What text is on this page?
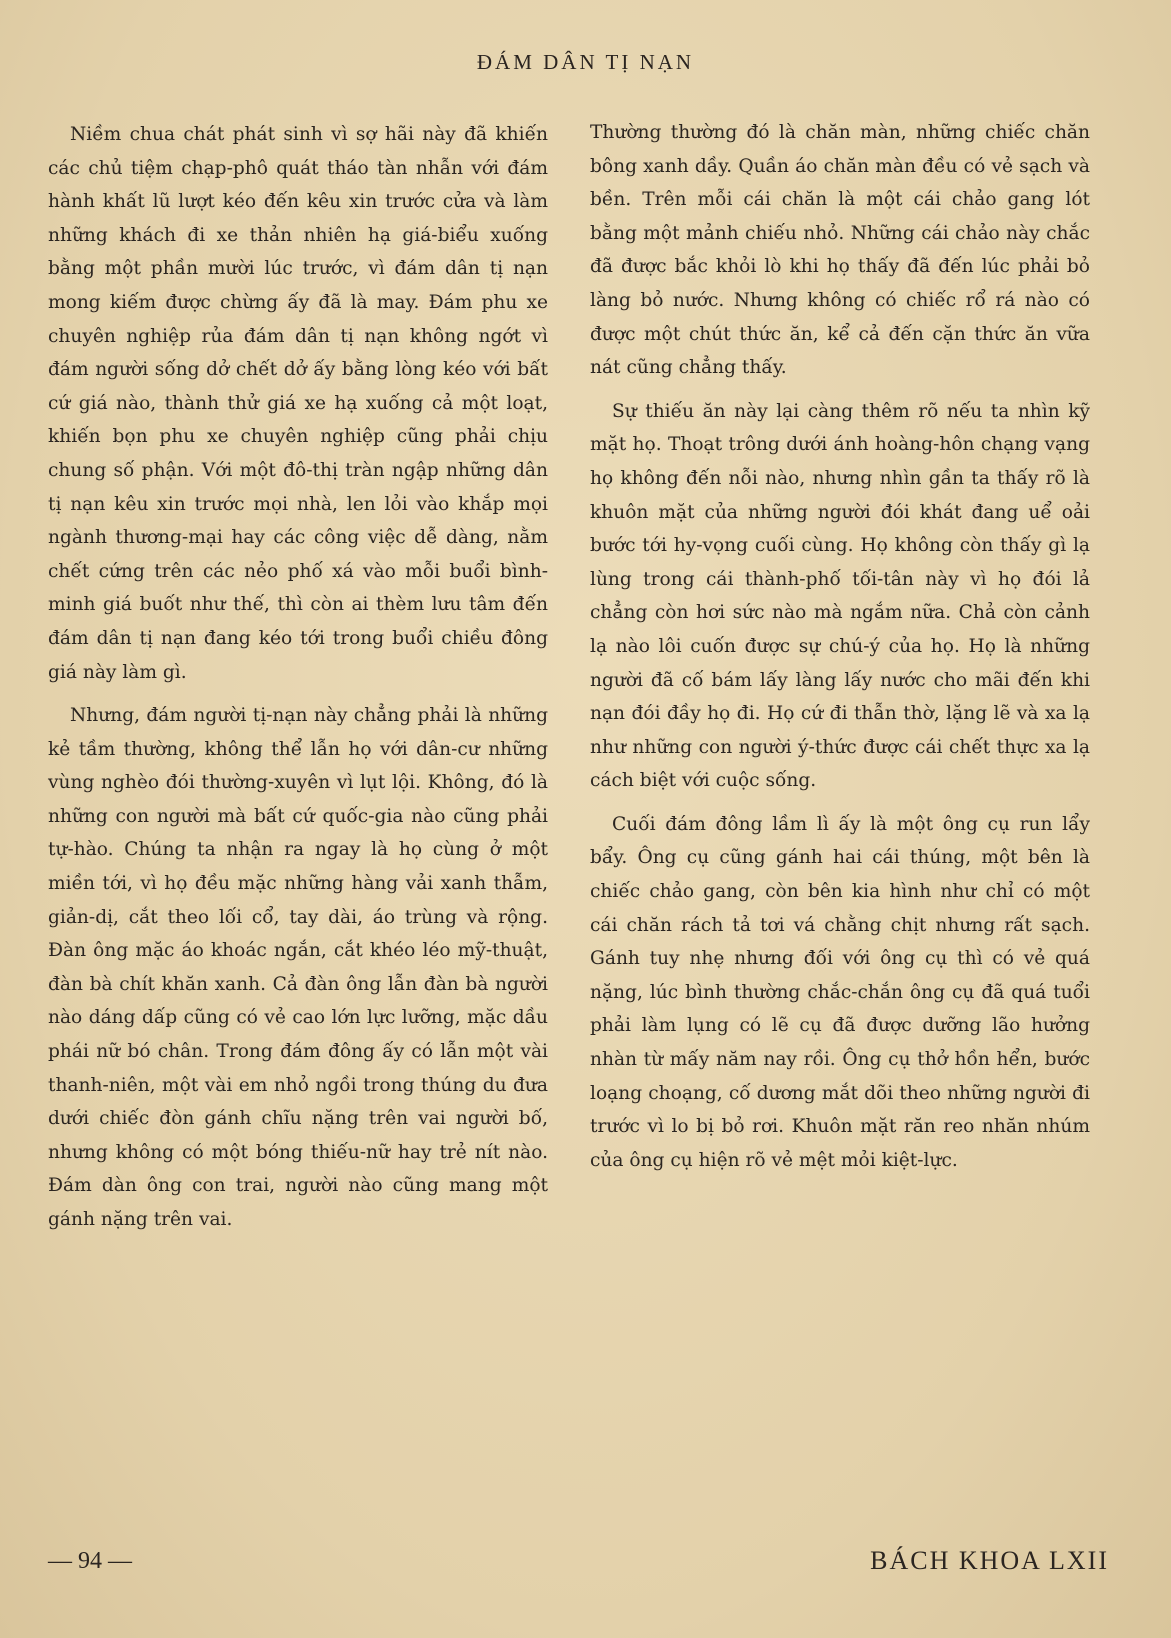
ĐÁM DÂN TỊ NẠN

Niềm chua chát phát sinh vì sợ hãi này đã khiến các chủ tiệm chạp-phô quát tháo tàn nhẫn với đám hành khất lũ lượt kéo đến kêu xin trước cửa và làm những khách đi xe thản nhiên hạ giá-biểu xuống bằng một phần mười lúc trước, vì đám dân tị nạn mong kiếm được chừng ấy đã là may. Đám phu xe chuyên nghiệp rủa đám dân tị nạn không ngớt vì đám người sống dở chết dở ấy bằng lòng kéo với bất cứ giá nào, thành thử giá xe hạ xuống cả một loạt, khiến bọn phu xe chuyên nghiệp cũng phải chịu chung số phận. Với một đô-thị tràn ngập những dân tị nạn kêu xin trước mọi nhà, len lỏi vào khắp mọi ngành thương-mại hay các công việc dễ dàng, nằm chết cứng trên các nẻo phố xá vào mỗi buổi bình-minh giá buốt như thế, thì còn ai thèm lưu tâm đến đám dân tị nạn đang kéo tới trong buổi chiều đông giá này làm gì.

Nhưng, đám người tị-nạn này chẳng phải là những kẻ tầm thường, không thể lẫn họ với dân-cư những vùng nghèo đói thường-xuyên vì lụt lội. Không, đó là những con người mà bất cứ quốc-gia nào cũng phải tự-hào. Chúng ta nhận ra ngay là họ cùng ở một miền tới, vì họ đều mặc những hàng vải xanh thẫm, giản-dị, cắt theo lối cổ, tay dài, áo trùng và rộng. Đàn ông mặc áo khoác ngắn, cắt khéo léo mỹ-thuật, đàn bà chít khăn xanh. Cả đàn ông lẫn đàn bà người nào dáng dấp cũng có vẻ cao lớn lực lưỡng, mặc dầu phái nữ bó chân. Trong đám đông ấy có lẫn một vài thanh-niên, một vài em nhỏ ngồi trong thúng du đưa dưới chiếc đòn gánh chĩu nặng trên vai người bố, nhưng không có một bóng thiếu-nữ hay trẻ nít nào. Đám dàn ông con trai, người nào cũng mang một gánh nặng trên vai.

Thường thường đó là chăn màn, những chiếc chăn bông xanh dầy. Quần áo chăn màn đều có vẻ sạch và bền. Trên mỗi cái chăn là một cái chảo gang lót bằng một mảnh chiếu nhỏ. Những cái chảo này chắc đã được bắc khỏi lò khi họ thấy đã đến lúc phải bỏ làng bỏ nước. Nhưng không có chiếc rổ rá nào có được một chút thức ăn, kể cả đến cặn thức ăn vữa nát cũng chẳng thấy.

Sự thiếu ăn này lại càng thêm rõ nếu ta nhìn kỹ mặt họ. Thoạt trông dưới ánh hoàng-hôn chạng vạng họ không đến nỗi nào, nhưng nhìn gần ta thấy rõ là khuôn mặt của những người đói khát đang uể oải bước tới hy-vọng cuối cùng. Họ không còn thấy gì lạ lùng trong cái thành-phố tối-tân này vì họ đói lả chẳng còn hơi sức nào mà ngắm nữa. Chả còn cảnh lạ nào lôi cuốn được sự chú-ý của họ. Họ là những người đã cố bám lấy làng lấy nước cho mãi đến khi nạn đói đầy họ đi. Họ cứ đi thẫn thờ, lặng lẽ và xa lạ như những con người ý-thức được cái chết thực xa lạ cách biệt với cuộc sống.

Cuối đám đông lầm lì ấy là một ông cụ run lẩy bẩy. Ông cụ cũng gánh hai cái thúng, một bên là chiếc chảo gang, còn bên kia hình như chỉ có một cái chăn rách tả tơi vá chằng chịt nhưng rất sạch. Gánh tuy nhẹ nhưng đối với ông cụ thì có vẻ quá nặng, lúc bình thường chắc-chắn ông cụ đã quá tuổi phải làm lụng có lẽ cụ đã được dưỡng lão hưởng nhàn từ mấy năm nay rồi. Ông cụ thở hồn hển, bước loạng choạng, cố dương mắt dõi theo những người đi trước vì lo bị bỏ rơi. Khuôn mặt răn reo nhăn nhúm của ông cụ hiện rõ vẻ mệt mỏi kiệt-lực.

— 94 —	BÁCH KHOA LXII
